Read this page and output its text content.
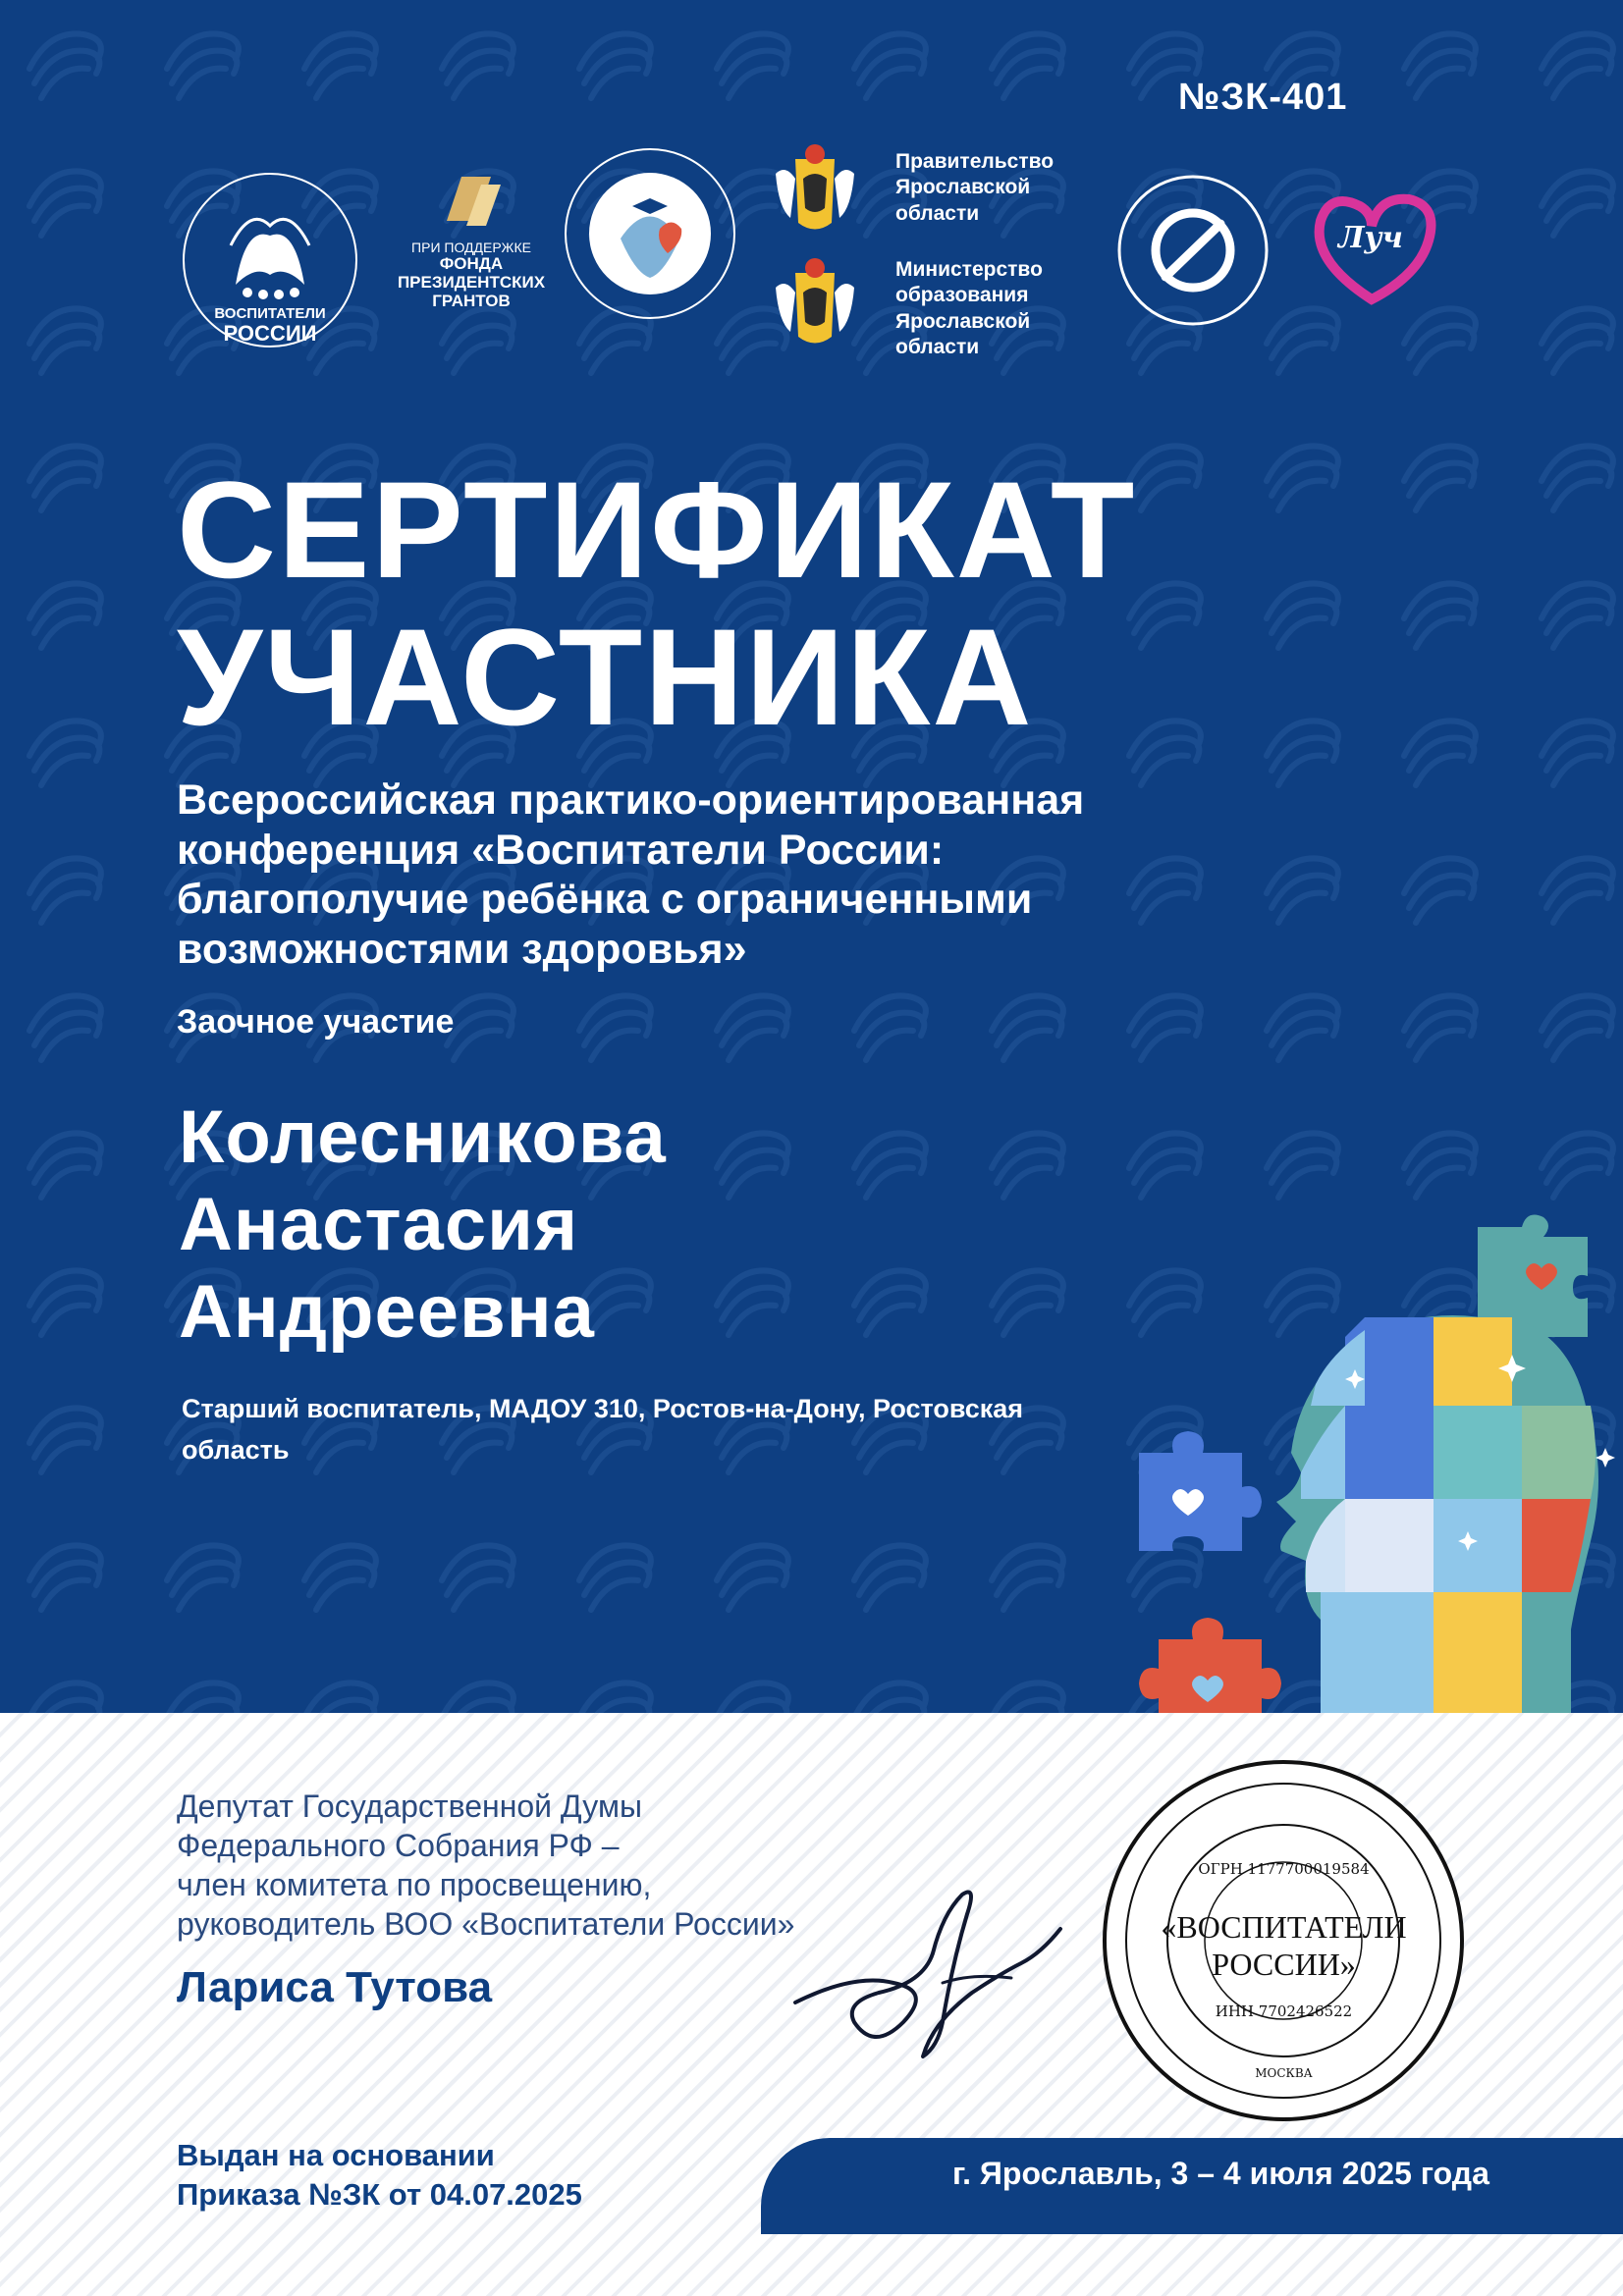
№ЗК-401
ВОСПИТАТЕЛИ
РОССИИ
ПРИ ПОДДЕРЖКЕ
ФОНДА
ПРЕЗИДЕНТСКИХ
ГРАНТОВ
Правительство
Ярославской
области
Министерство
образования
Ярославской
области
Луч
СЕРТИФИКАТ
УЧАСТНИКА
Всероссийская практико-ориентированная
конференция «Воспитатели России:
благополучие ребёнка с ограниченными
возможностями здоровья»
Заочное участие
Колесникова
Анастасия
Андреевна
Старший воспитатель, МАДОУ 310, Ростов-на-Дону, Ростовская
область
Депутат Государственной Думы
Федерального Собрания РФ –
член комитета по просвещению,
руководитель ВОО «Воспитатели России»
Лариса Тутова
ОГРН 1177700019584
«ВОСПИТАТЕЛИ
РОССИИ»
ИНН 7702426522
МОСКВА
Выдан на основании
Приказа №ЗК от 04.07.2025
г. Ярославль, 3 – 4 июля 2025 года
